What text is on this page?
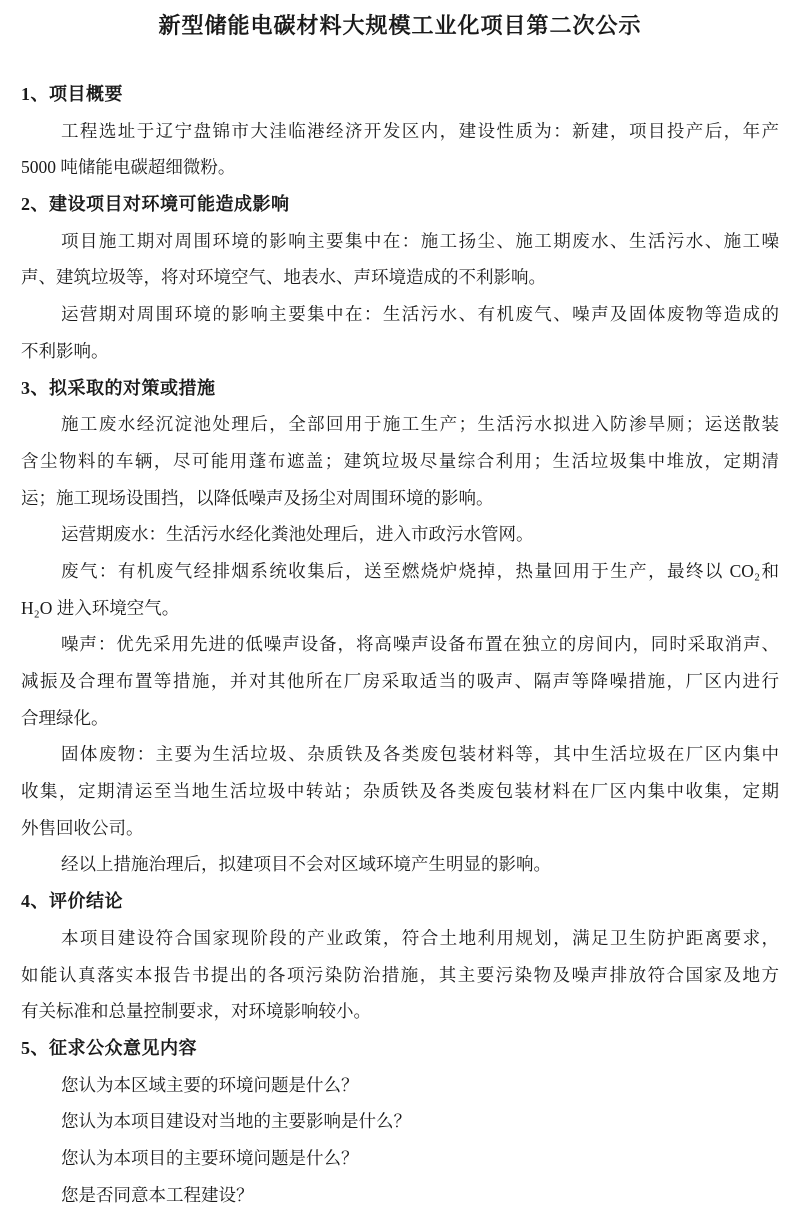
新型储能电碳材料大规模工业化项目第二次公示
1、项目概要
工程选址于辽宁盘锦市大洼临港经济开发区内，建设性质为：新建，项目投产后，年产
5000 吨储能电碳超细微粉。
2、建设项目对环境可能造成影响
项目施工期对周围环境的影响主要集中在：施工扬尘、施工期废水、生活污水、施工噪
声、建筑垃圾等，将对环境空气、地表水、声环境造成的不利影响。
运营期对周围环境的影响主要集中在：生活污水、有机废气、噪声及固体废物等造成的
不利影响。
3、拟采取的对策或措施
施工废水经沉淀池处理后，全部回用于施工生产；生活污水拟进入防渗旱厕；运送散装
含尘物料的车辆，尽可能用蓬布遮盖；建筑垃圾尽量综合利用；生活垃圾集中堆放，定期清
运；施工现场设围挡，以降低噪声及扬尘对周围环境的影响。
运营期废水：生活污水经化粪池处理后，进入市政污水管网。
废气：有机废气经排烟系统收集后，送至燃烧炉烧掉，热量回用于生产，最终以 CO₂和
H₂O 进入环境空气。
噪声：优先采用先进的低噪声设备，将高噪声设备布置在独立的房间内，同时采取消声、
减振及合理布置等措施，并对其他所在厂房采取适当的吸声、隔声等降噪措施，厂区内进行
合理绿化。
固体废物：主要为生活垃圾、杂质铁及各类废包装材料等，其中生活垃圾在厂区内集中
收集，定期清运至当地生活垃圾中转站；杂质铁及各类废包装材料在厂区内集中收集，定期
外售回收公司。
经以上措施治理后，拟建项目不会对区域环境产生明显的影响。
4、评价结论
本项目建设符合国家现阶段的产业政策，符合土地利用规划，满足卫生防护距离要求，
如能认真落实本报告书提出的各项污染防治措施，其主要污染物及噪声排放符合国家及地方
有关标准和总量控制要求，对环境影响较小。
5、征求公众意见内容
您认为本区域主要的环境问题是什么？
您认为本项目建设对当地的主要影响是什么？
您认为本项目的主要环境问题是什么？
您是否同意本工程建设？
